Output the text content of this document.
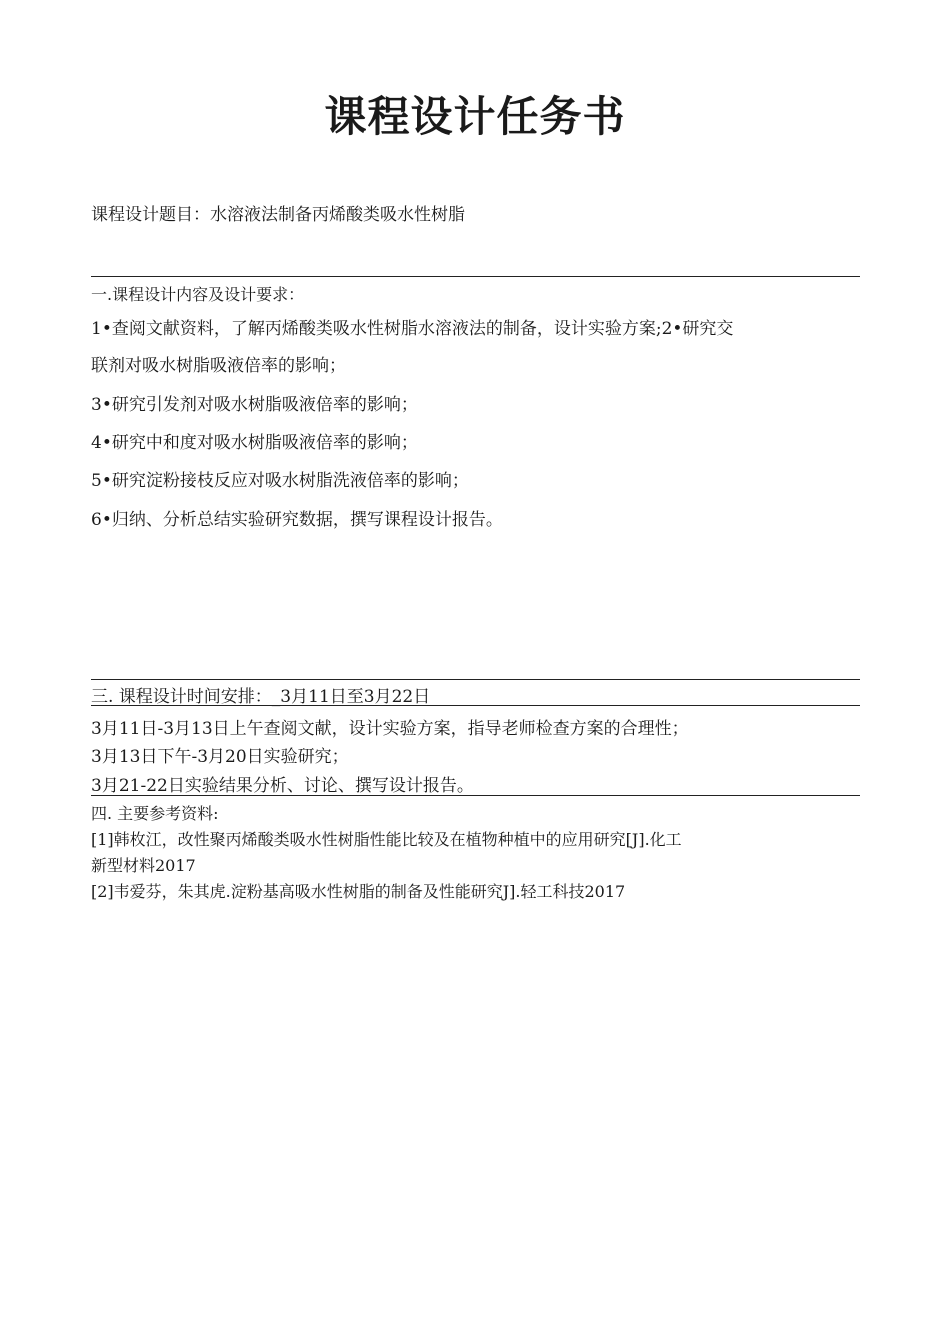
课程设计任务书
课程设计题目：水溶液法制备丙烯酸类吸水性树脂
一.课程设计内容及设计要求：
1•查阅文献资料，了解丙烯酸类吸水性树脂水溶液法的制备，设计实验方案;2•研究交
联剂对吸水树脂吸液倍率的影响；
3•研究引发剂对吸水树脂吸液倍率的影响；
4•研究中和度对吸水树脂吸液倍率的影响；
5•研究淀粉接枝反应对吸水树脂洗液倍率的影响；
6•归纳、分析总结实验研究数据，撰写课程设计报告。
三. 课程设计时间安排：_3月11日至3月22日
3月11日-3月13日上午查阅文献，设计实验方案，指导老师检查方案的合理性；
3月13日下午-3月20日实验研究；
3月21-22日实验结果分析、讨论、撰写设计报告。
四. 主要参考资料:
[1]韩枚江，改性聚丙烯酸类吸水性树脂性能比较及在植物种植中的应用研究[J].化工
新型材料2017
[2]韦爱芬，朱其虎.淀粉基高吸水性树脂的制备及性能研究J].轻工科技2017
